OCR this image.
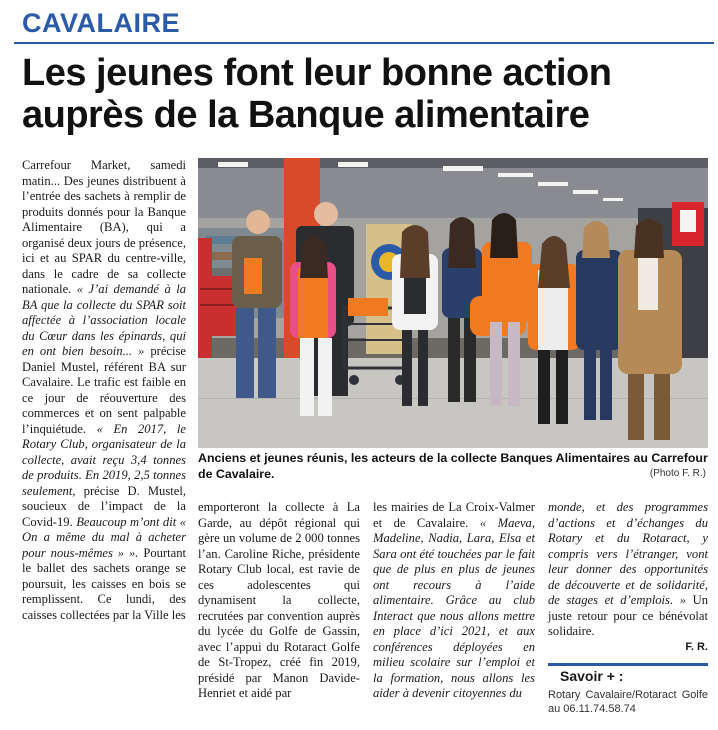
CAVALAIRE
Les jeunes font leur bonne action auprès de la Banque alimentaire

Carrefour Market, samedi matin... Des jeunes distribuent à l’entrée des sachets à remplir de produits donnés pour la Banque Alimentaire (BA), qui a organisé deux jours de présence, ici et au SPAR du centre-ville, dans le cadre de sa collecte nationale. « J’ai demandé à la BA que la collecte du SPAR soit affectée à l’association locale du Cœur dans les épinards, qui en ont bien besoin... » précise Daniel Mustel, référent BA sur Cavalaire. Le trafic est faible en ce jour de réouverture des commerces et on sent palpable l’inquiétude. « En 2017, le Rotary Club, organisateur de la collecte, avait reçu 3,4 tonnes de produits. En 2019, 2,5 tonnes seulement, précise D. Mustel, soucieux de l’impact de la Covid-19. Beaucoup m’ont dit « On a même du mal à acheter pour nous-mêmes » ». Pourtant le ballet des sachets orange se poursuit, les caisses en bois se remplissent. Ce lundi, des caisses collectées par la Ville les

Anciens et jeunes réunis, les acteurs de la collecte Banques Alimentaires au Carrefour de Cavalaire.	(Photo F. R.)
emporteront la collecte à La Garde, au dépôt régional qui gère un volume de 2 000 tonnes l’an. Caroline Riche, présidente Rotary Club local, est ravie de ces adolescentes qui dynamisent la collecte, recrutées par convention auprès du lycée du Golfe de Gassin, avec l’appui du Rotaract Golfe de St-Tropez, créé fin 2019, présidé par Manon Davide-Henriet et aidé par

les mairies de La Croix-Valmer et de Cavalaire. « Maeva, Madeline, Nadia, Lara, Elsa et Sara ont été touchées par le fait que de plus en plus de jeunes ont recours à l’aide alimentaire. Grâce au club Interact que nous allons mettre en place d’ici 2021, et aux conférences déployées en milieu scolaire sur l’emploi et la formation, nous allons les aider à devenir citoyennes du

monde, et des programmes d’actions et d’échanges du Rotary et du Rotaract, y compris vers l’étranger, vont leur donner des opportunités de découverte et de solidarité, de stages et d’emplois. » Un juste retour pour ce bénévolat solidaire.

F. R.

Savoir + :
Rotary Cavalaire/Rotaract Golfe au 06.11.74.58.74
